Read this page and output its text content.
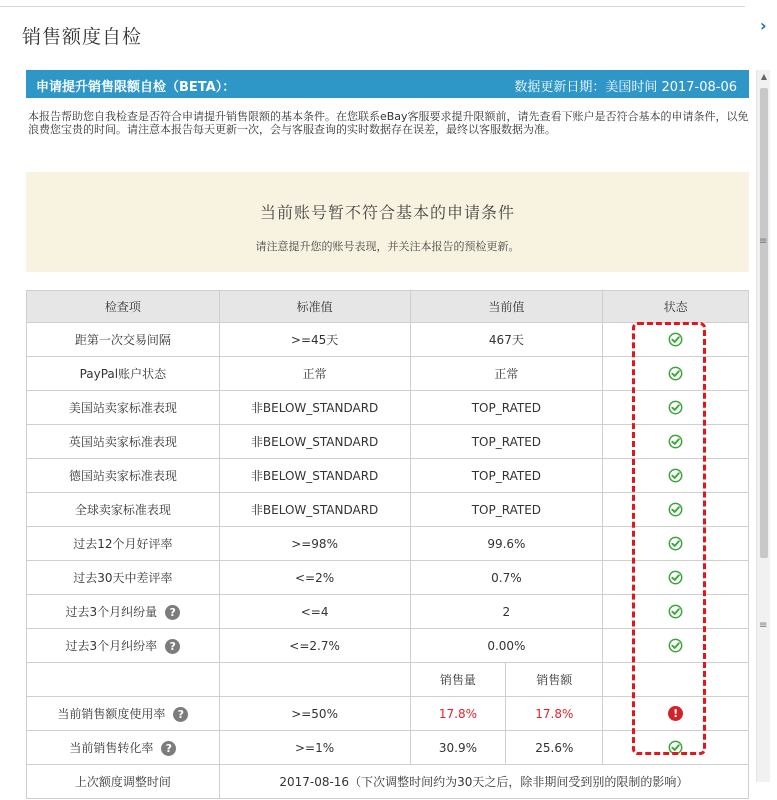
销售额度自检
›
申请提升销售限额自检（BETA）：	数据更新日期：美国时间 2017-08-06
本报告帮助您自我检查是否符合申请提升销售限额的基本条件。在您联系eBay客服要求提升限额前，请先查看下账户是否符合基本的申请条件，以免浪费您宝贵的时间。请注意本报告每天更新一次，会与客服查询的实时数据存在误差，最终以客服数据为准。
当前账号暂不符合基本的申请条件
请注意提升您的账号表现，并关注本报告的预检更新。
检查项	标准值	当前值		状态
距第一次交易间隔	>=45天	467天	
PayPal账户状态	正常	正常	
美国站卖家标准表现	非BELOW_STANDARD	TOP_RATED	
英国站卖家标准表现	非BELOW_STANDARD	TOP_RATED	
德国站卖家标准表现	非BELOW_STANDARD	TOP_RATED	
全球卖家标准表现	非BELOW_STANDARD	TOP_RATED	
过去12个月好评率	>=98%	99.6%	
过去30天中差评率	<=2%	0.7%	
过去3个月纠纷量 ?	<=4	2	
过去3个月纠纷率 ?	<=2.7%	0.00%	
		销售量	销售额	
当前销售额度使用率 ?	>=50%	17.8%	17.8%	!
当前销售转化率 ?	>=1%	30.9%	25.6%	
上次额度调整时间	2017-08-16（下次调整时间约为30天之后，除非期间受到别的限制的影响）			
▲
≡
≡
